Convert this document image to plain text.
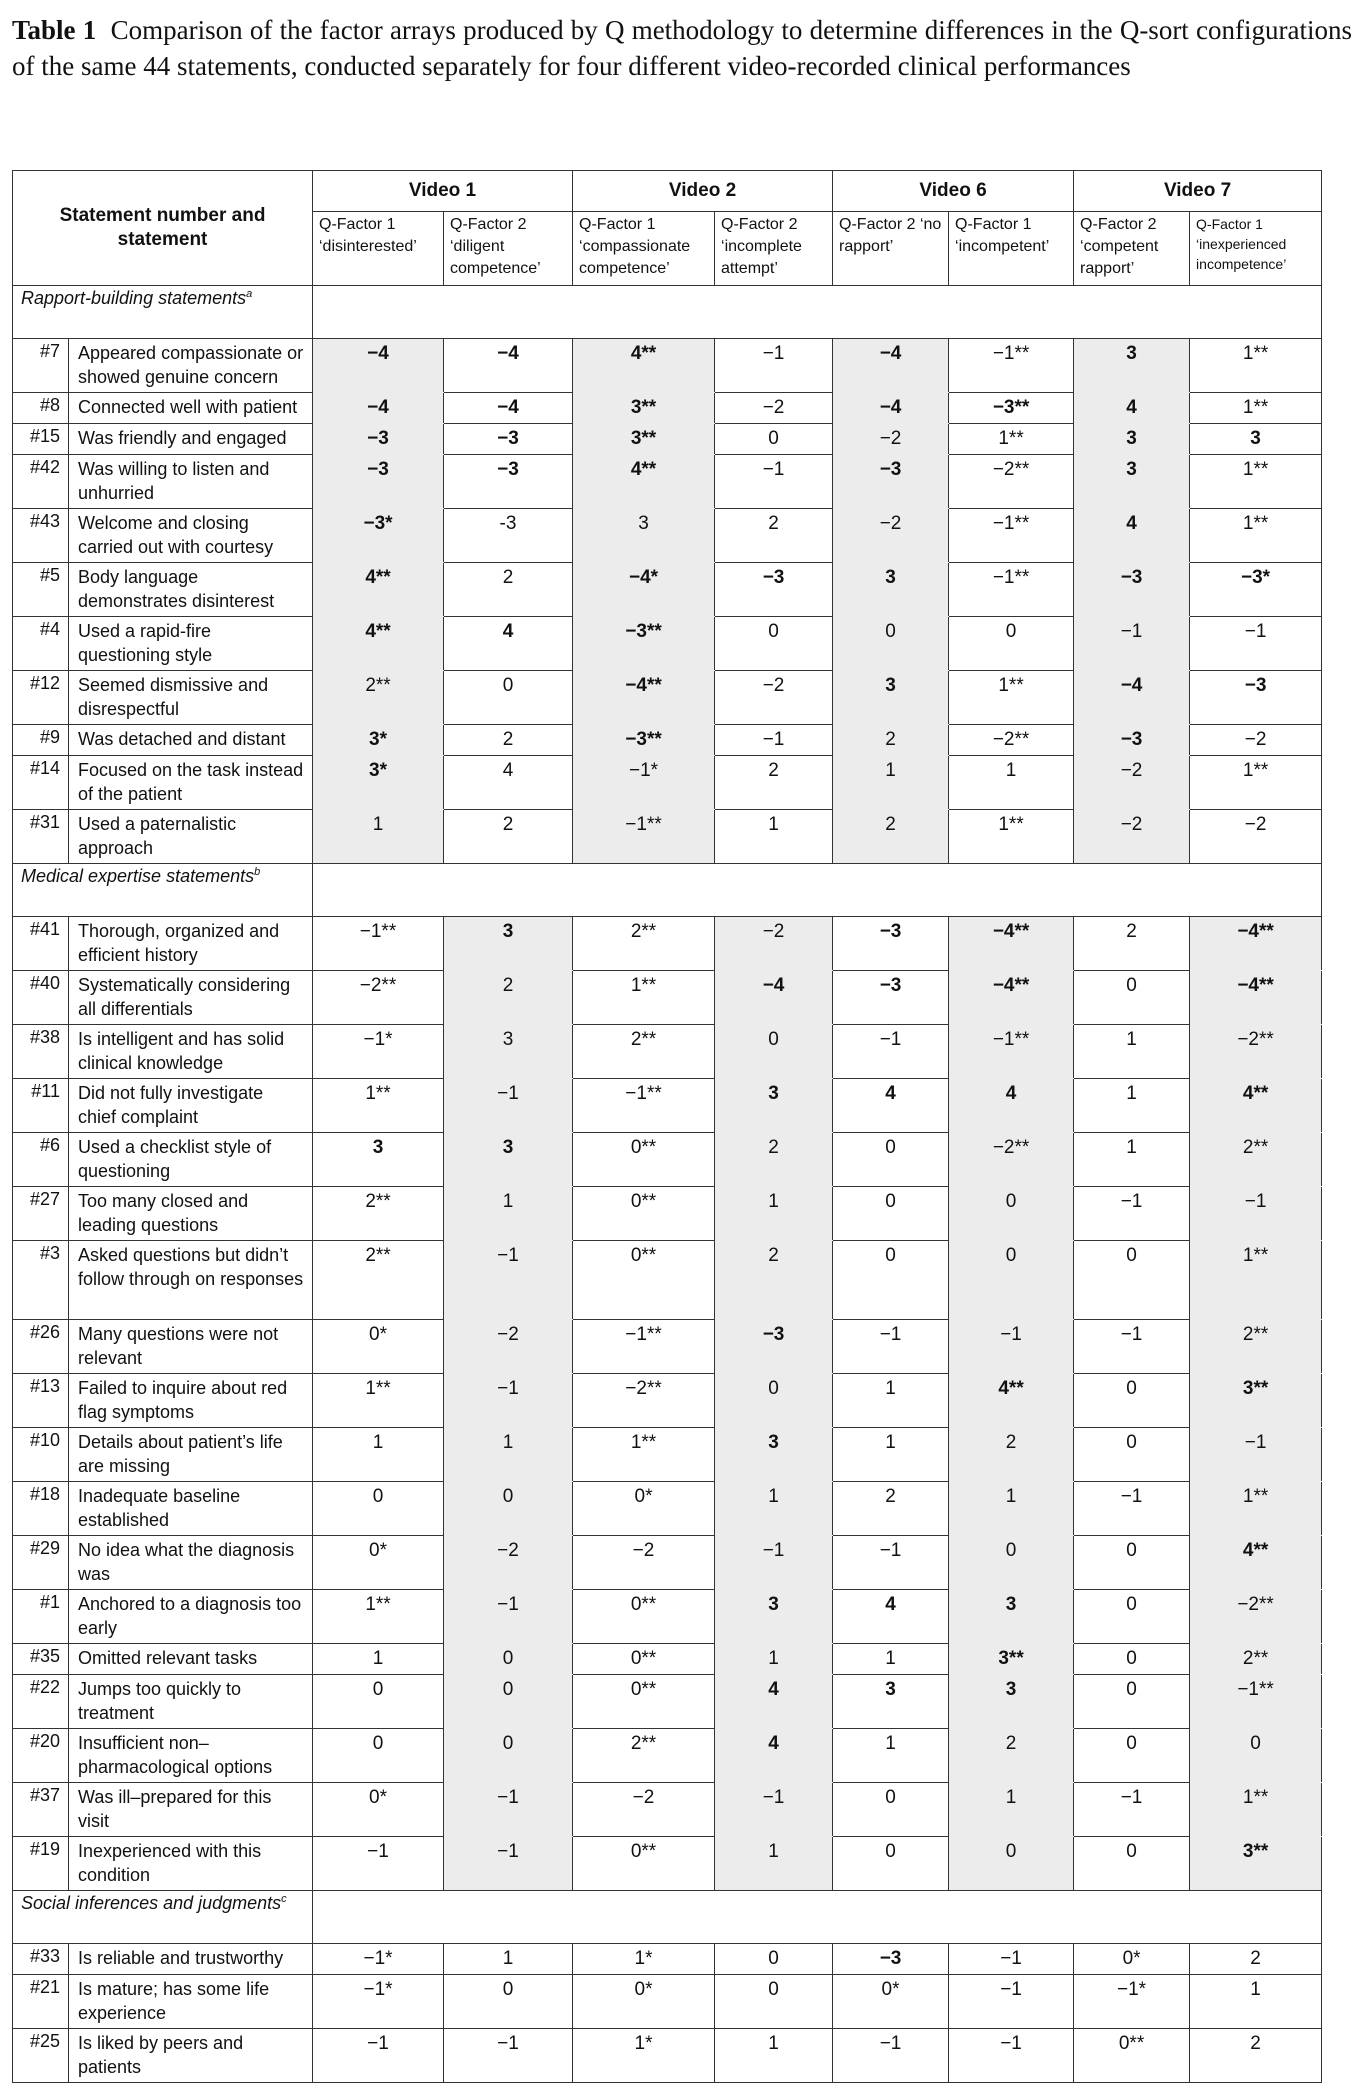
Table 1 Comparison of the factor arrays produced by Q methodology to determine differences in the Q-sort configurations of the same 44 statements, conducted separately for four different video-recorded clinical performances
Statement number and statement		Video 1		Video 2		Video 6		Video 7	
		Q-Factor 1 ‘disinterested’	Q-Factor 2 ‘diligent competence’	Q-Factor 1 ‘compassionate competence’	Q-Factor 2 ‘incomplete attempt’	Q-Factor 2 ‘no rapport’	Q-Factor 1 ‘incompetent’	Q-Factor 2 ‘competent rapport’	Q-Factor 1 ‘inexperienced incompetence’
Rapport-building statements$^a$	
#7	Appeared compassionate or showed genuine concern	−4	−4	4**	−1	−4	−1**	3	1**
#8	Connected well with patient	−4	−4	3**	−2	−4	−3**	4	1**
#15	Was friendly and engaged	−3	−3	3**	0	−2	1**	3	3
#42	Was willing to listen and unhurried	−3	−3	4**	−1	−3	−2**	3	1**
#43	Welcome and closing carried out with courtesy	−3*	-3	3	2	−2	−1**	4	1**
#5	Body language demonstrates disinterest	4**	2	−4*	−3	3	−1**	−3	−3*
#4	Used a rapid-fire questioning style	4**	4	−3**	0	0	0	−1	−1
#12	Seemed dismissive and disrespectful	2**	0	−4**	−2	3	1**	−4	−3
#9	Was detached and distant	3*	2	−3**	−1	2	−2**	−3	−2
#14	Focused on the task instead of the patient	3*	4	−1*	2	1	1	−2	1**
#31	Used a paternalistic approach	1	2	−1**	1	2	1**	−2	−2
Medical expertise statements$^b$	
#41	Thorough, organized and efficient history	−1**	3	2**	−2	−3	−4**	2	−4**
#40	Systematically considering all differentials	−2**	2	1**	−4	−3	−4**	0	−4**
#38	Is intelligent and has solid clinical knowledge	−1*	3	2**	0	−1	−1**	1	−2**
#11	Did not fully investigate chief complaint	1**	−1	−1**	3	4	4	1	4**
#6	Used a checklist style of questioning	3	3	0**	2	0	−2**	1	2**
#27	Too many closed and leading questions	2**	1	0**	1	0	0	−1	−1
#3	Asked questions but didn’t follow through on responses	2**	−1	0**	2	0	0	0	1**
#26	Many questions were not relevant	0*	−2	−1**	−3	−1	−1	−1	2**
#13	Failed to inquire about red flag symptoms	1**	−1	−2**	0	1	4**	0	3**
#10	Details about patient’s life are missing	1	1	1**	3	1	2	0	−1
#18	Inadequate baseline established	0	0	0*	1	2	1	−1	1**
#29	No idea what the diagnosis was	0*	−2	−2	−1	−1	0	0	4**
#1	Anchored to a diagnosis too early	1**	−1	0**	3	4	3	0	−2**
#35	Omitted relevant tasks	1	0	0**	1	1	3**	0	2**
#22	Jumps too quickly to treatment	0	0	0**	4	3	3	0	−1**
#20	Insufficient non–pharmacological options	0	0	2**	4	1	2	0	0
#37	Was ill–prepared for this visit	0*	−1	−2	−1	0	1	−1	1**
#19	Inexperienced with this condition	−1	−1	0**	1	0	0	0	3**
Social inferences and judgments$^c$	
#33	Is reliable and trustworthy	−1*	1	1*	0	−3	−1	0*	2
#21	Is mature; has some life experience	−1*	0	0*	0	0*	−1	−1*	1
#25	Is liked by peers and patients	−1	−1	1*	1	−1	−1	0**	2
